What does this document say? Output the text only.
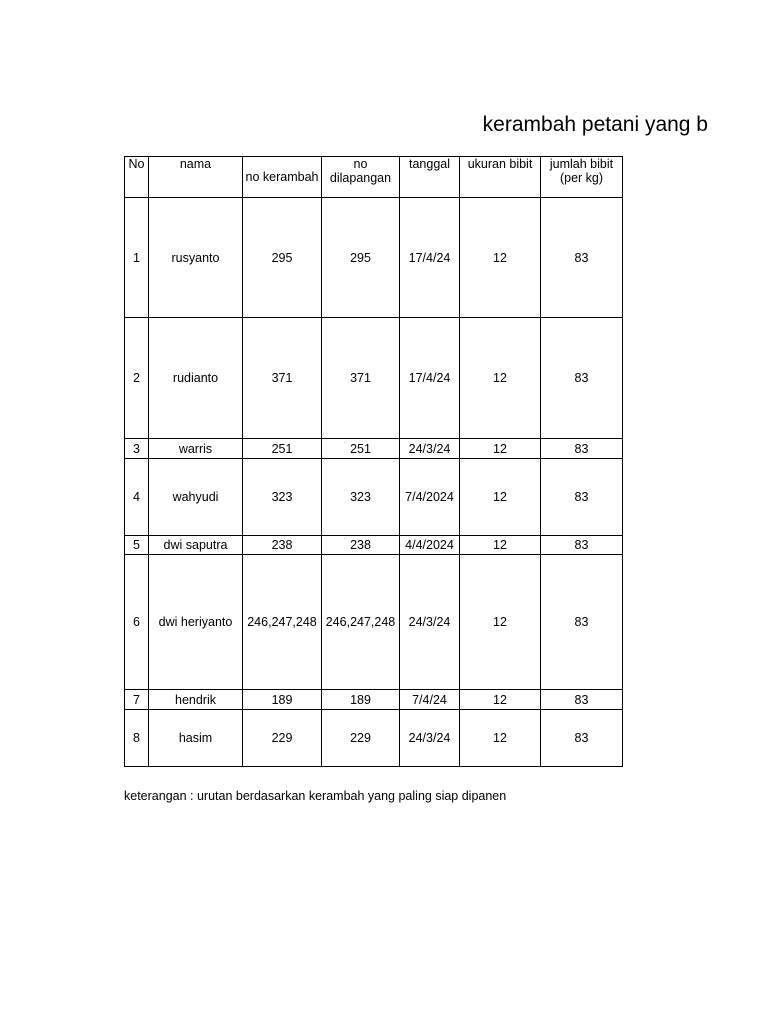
kerambah petani yang b
No	nama	no kerambah	no dilapangan	tanggal	ukuran bibit	jumlah bibit (per kg)
1	rusyanto	295	295	17/4/24	12	83
2	rudianto	371	371	17/4/24	12	83
3	warris	251	251	24/3/24	12	83
4	wahyudi	323	323	7/4/2024	12	83
5	dwi saputra	238	238	4/4/2024	12	83
6	dwi heriyanto	246,247,248	246,247,248	24/3/24	12	83
7	hendrik	189	189	7/4/24	12	83
8	hasim	229	229	24/3/24	12	83
keterangan : urutan berdasarkan kerambah yang paling siap dipanen
